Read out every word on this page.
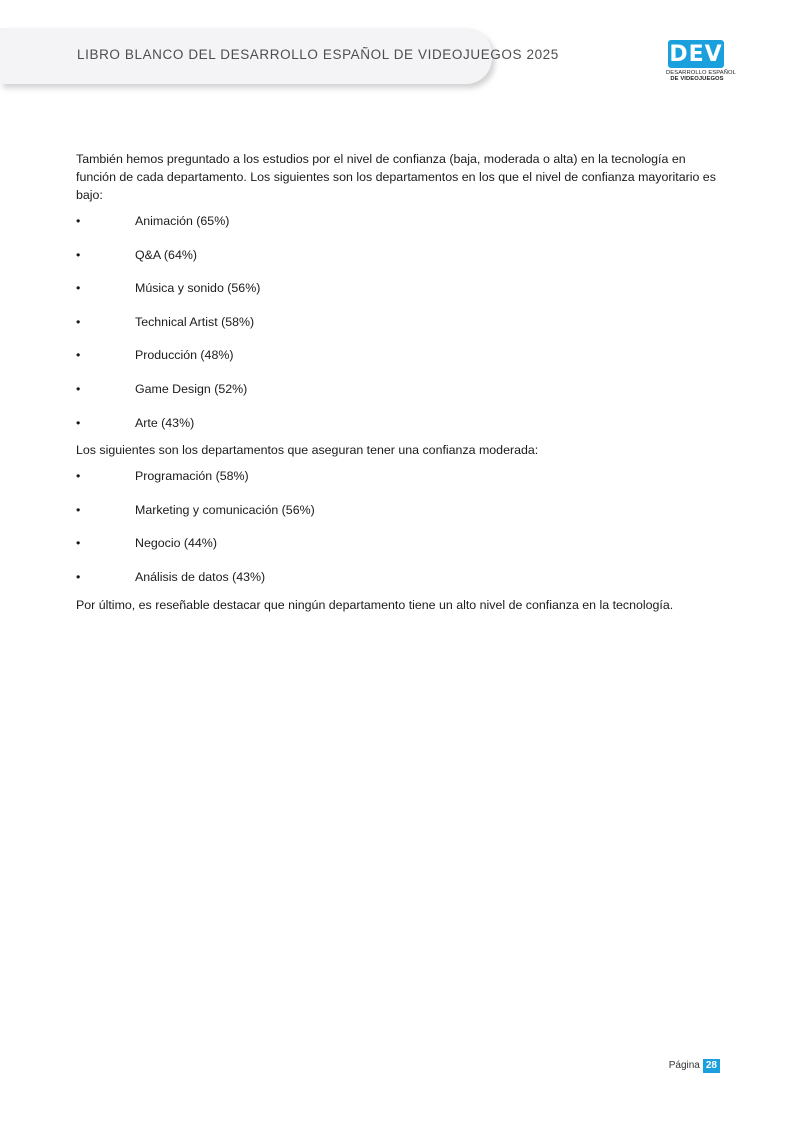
LIBRO BLANCO DEL DESARROLLO ESPAÑOL DE VIDEOJUEGOS 2025	DEV
DESARROLLO ESPAÑOL
DE VIDEOJUEGOS

También hemos preguntado a los estudios por el nivel de confianza (baja, moderada o alta) en la tecnología en función de cada departamento. Los siguientes son los departamentos en los que el nivel de confianza mayoritario es bajo:

•	Animación (65%)
•	Q&A (64%)
•	Música y sonido (56%)
•	Technical Artist (58%)
•	Producción (48%)
•	Game Design (52%)
•	Arte (43%)

Los siguientes son los departamentos que aseguran tener una confianza moderada:

•	Programación (58%)
•	Marketing y comunicación (56%)
•	Negocio (44%)
•	Análisis de datos (43%)

Por último, es reseñable destacar que ningún departamento tiene un alto nivel de confianza en la tecnología.

Página 28
